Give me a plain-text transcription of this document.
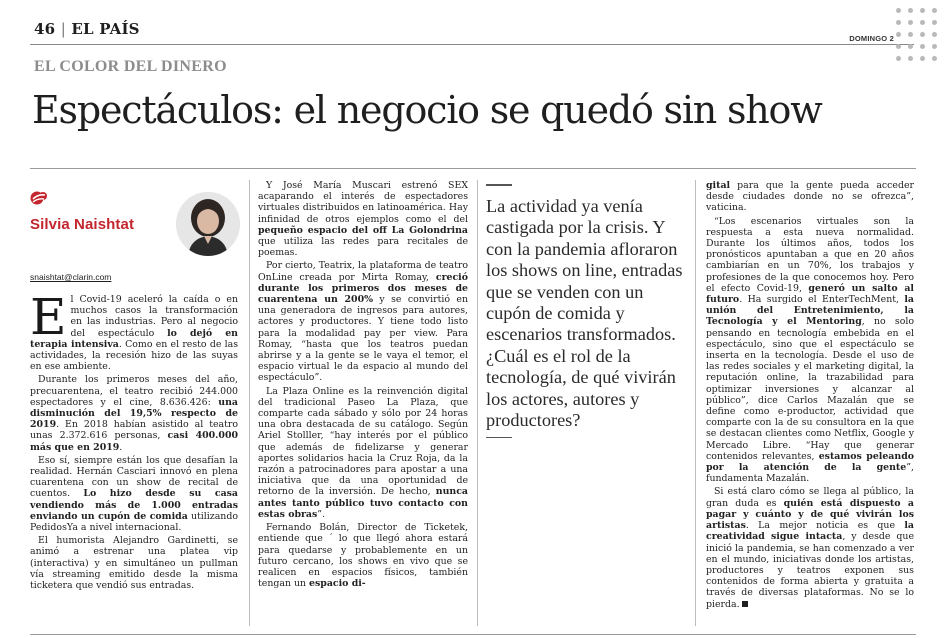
46 | EL PAÍS
DOMINGO 2
EL COLOR DEL DINERO
Espectáculos: el negocio se quedó sin show
Silvia Naishtat
snaishtat@clarin.com

El Covid-19 aceleró la caída o en muchos casos la transformación en las industrias. Pero al negocio del espectáculo lo dejó en terapia intensiva. Como en el resto de las actividades, la recesión hizo de las suyas en ese ambiente.

Durante los primeros meses del año, precuarentena, el teatro recibió 244.000 espectadores y el cine, 8.636.426: una disminución del 19,5% respecto de 2019. En 2018 habían asistido al teatro unas 2.372.616 personas, casi 400.000 más que en 2019.

Eso sí, siempre están los que desafían la realidad. Hernán Casciari innovó en plena cuarentena con un show de recital de cuentos. Lo hizo desde su casa vendiendo más de 1.000 entradas enviando un cupón de comida utilizando PedidosYa a nivel internacional.

El humorista Alejandro Gardinetti, se animó a estrenar una platea vip (interactiva) y en simultáneo un pullman vía streaming emitido desde la misma ticketera que vendió sus entradas.

Y José María Muscari estrenó SEX acaparando el interés de espectadores virtuales distribuidos en latinoamérica. Hay infinidad de otros ejemplos como el del pequeño espacio del off La Golondrina que utiliza las redes para recitales de poemas.

Por cierto, Teatrix, la plataforma de teatro OnLine creada por Mirta Romay, creció durante los primeros dos meses de cuarentena un 200% y se convirtió en una generadora de ingresos para autores, actores y productores. Y tiene todo listo para la modalidad pay per view. Para Romay, “hasta que los teatros puedan abrirse y a la gente se le vaya el temor, el espacio virtual le da espacio al mundo del espectáculo”.

La Plaza Online es la reinvención digital del tradicional Paseo La Plaza, que comparte cada sábado y sólo por 24 horas una obra destacada de su catálogo. Según Ariel Stolller, “hay interés por el público que además de fidelizarse y generar aportes solidarios hacia la Cruz Roja, da la razón a patrocinadores para apostar a una iniciativa que da una oportunidad de retorno de la inversión. De hecho, nunca antes tanto público tuvo contacto con estas obras”.

Fernando Bolán, Director de Ticketek, entiende que ´ lo que llegó ahora estará para quedarse y probablemente en un futuro cercano, los shows en vivo que se realicen en espacios físicos, también tengan un espacio di-

La actividad ya venía castigada por la crisis. Y con la pandemia afloraron los shows on line, entradas que se venden con un cupón de comida y escenarios transformados. ¿Cuál es el rol de la tecnología, de qué vivirán los actores, autores y productores?

gital para que la gente pueda acceder desde ciudades donde no se ofrezca”, vaticina.

“Los escenarios virtuales son la respuesta a esta nueva normalidad. Durante los últimos años, todos los pronósticos apuntaban a que en 20 años cambiarían en un 70%, los trabajos y profesiones de la que conocemos hoy. Pero el efecto Covid-19, generó un salto al futuro. Ha surgido el EnterTechMent, la unión del Entretenimiento, la Tecnología y el Mentoring, no solo pensando en tecnología embebida en el espectáculo, sino que el espectáculo se inserta en la tecnología. Desde el uso de las redes sociales y el marketing digital, la reputación online, la trazabilidad para optimizar inversiones y alcanzar al público”, dice Carlos Mazalán que se define como e-productor, actividad que comparte con la de su consultora en la que se destacan clientes como Netflix, Google y Mercado Libre. “Hay que generar contenidos relevantes, estamos peleando por la atención de la gente”, fundamenta Mazalán.

Si está claro cómo se llega al público, la gran duda es quién está dispuesto a pagar y cuánto y de qué vivirán los artistas. La mejor noticia es que la creatividad sigue intacta, y desde que inició la pandemia, se han comenzado a ver en el mundo, iniciativas donde los artistas, productores y teatros exponen sus contenidos de forma abierta y gratuita a través de diversas plataformas. No se lo pierda.
